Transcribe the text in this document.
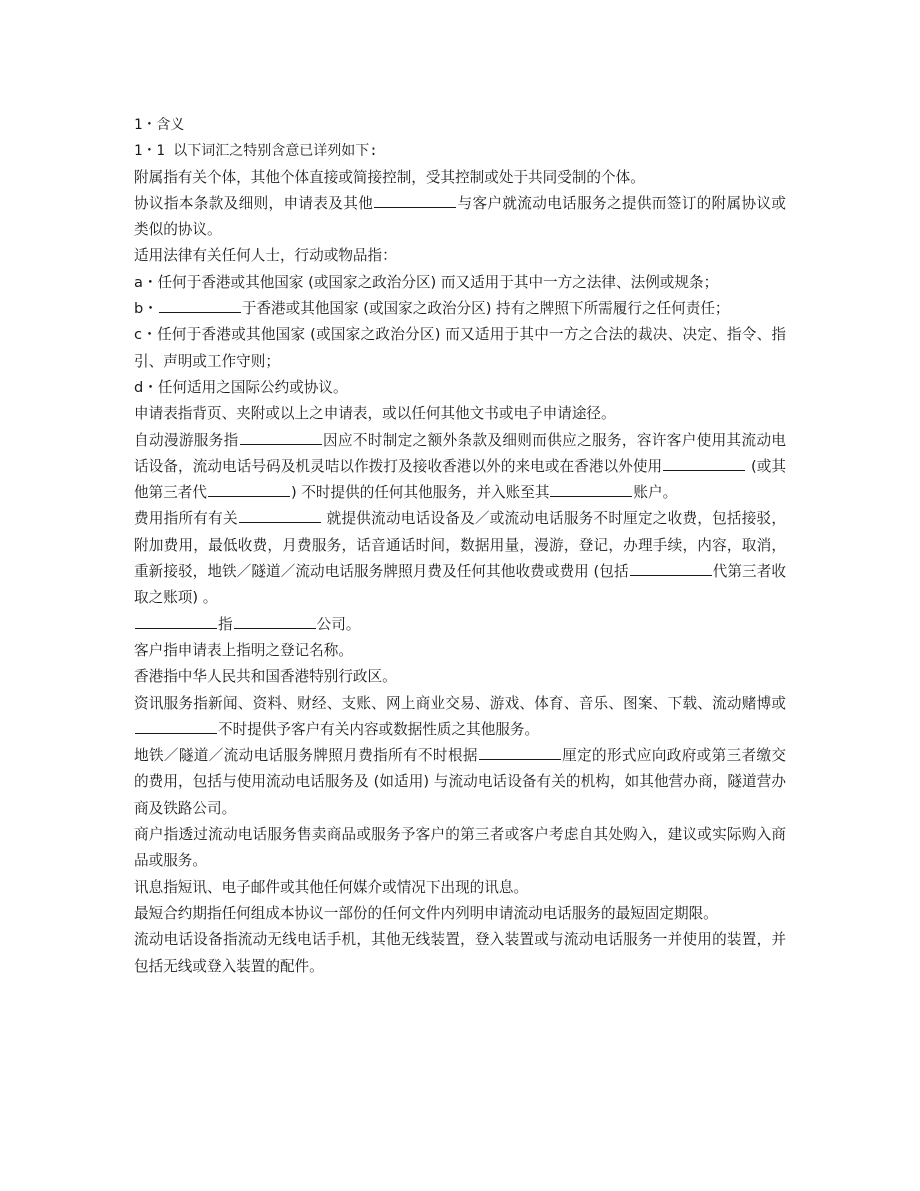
1・含义

1・1 以下词汇之特别含意已详列如下:

附属指有关个体，其他个体直接或简接控制，受其控制或处于共同受制的个体。

协议指本条款及细则，申请表及其他	与客户就流动电话服务之提供而签订的附属协议或类似的协议。

适用法律有关任何人士，行动或物品指：

a・任何于香港或其他国家 (或国家之政治分区) 而又适用于其中一方之法律、法例或规条；

b・	于香港或其他国家 (或国家之政治分区) 持有之牌照下所需履行之任何责任；

c・任何于香港或其他国家 (或国家之政治分区) 而又适用于其中一方之合法的裁决、决定、指令、指引、声明或工作守则；

d・任何适用之国际公约或协议。

申请表指背页、夹附或以上之申请表，或以任何其他文书或电子申请途径。

自动漫游服务指	因应不时制定之额外条款及细则而供应之服务，容许客户使用其流动电话设备，流动电话号码及机灵咭以作拨打及接收香港以外的来电或在香港以外使用	(或其他第三者代	) 不时提供的任何其他服务，并入账至其	账户。

费用指所有有关	就提供流动电话设备及／或流动电话服务不时厘定之收费，包括接驳，附加费用，最低收费，月费服务，话音通话时间，数据用量，漫游，登记，办理手续，内容，取消，重新接驳，地铁／隧道／流动电话服务牌照月费及任何其他收费或费用 (包括	代第三者收取之账项) 。

指	公司。

客户指申请表上指明之登记名称。

香港指中华人民共和国香港特别行政区。

资讯服务指新闻、资料、财经、支账、网上商业交易、游戏、体育、音乐、图案、下载、流动赌博或不时提供予客户有关内容或数据性质之其他服务。

地铁／隧道／流动电话服务牌照月费指所有不时根据	厘定的形式应向政府或第三者缴交的费用，包括与使用流动电话服务及 (如适用) 与流动电话设备有关的机构，如其他营办商，隧道营办商及铁路公司。

商户指透过流动电话服务售卖商品或服务予客户的第三者或客户考虑自其处购入，建议或实际购入商品或服务。

讯息指短讯、电子邮件或其他任何媒介或情况下出现的讯息。

最短合约期指任何组成本协议一部份的任何文件内列明申请流动电话服务的最短固定期限。

流动电话设备指流动无线电话手机，其他无线装置，登入装置或与流动电话服务一并使用的装置，并包括无线或登入装置的配件。
